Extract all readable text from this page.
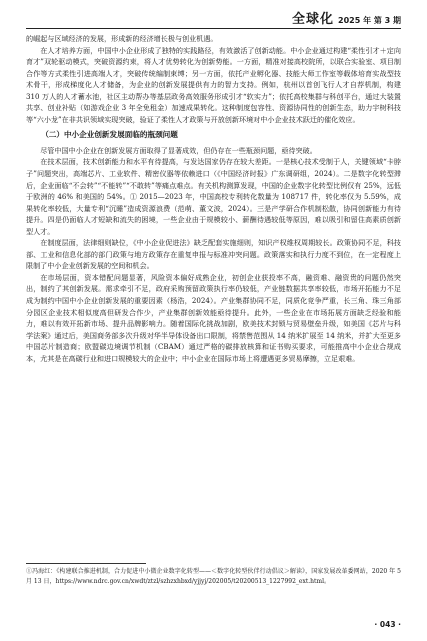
全球化 2025 年 第 3 期

的崛起与区域经济的发展，形成新的经济增长极与创业机遇。

在人才培养方面，中国中小企业形成了独特的实践路径，有效激活了创新动能。中小企业通过构建“柔性引才＋定向育才”双轮驱动模式，突破资源约束，将人才优势转化为创新势能。一方面，精准对接高校院所，以联合实验室、项目制合作等方式柔性引进高端人才，突破传统编制束缚；另一方面，依托产业孵化器、技能大师工作室等载体培育实战型技术骨干，形成梯度化人才储备，为企业的创新发展提供有力的智力支持。例如，杭州以首创飞行人才自荐机制，构建 310 万人的人才蓄水池，社区主动帮办等基层政务高效服务形成引才“软实力”；依托高校集群与科创平台，通过大装置共享、创业补贴（如游戏企业 3 年全免租金）加速成果转化。这种制度包容性、资源协同性的创新生态，助力宇树科技等“六小龙”在非共识领域实现突破，验证了柔性人才政策与开放创新环境对中小企业技术跃迁的催化效应。

（二）中小企业创新发展面临的瓶颈问题

尽管中国中小企业在创新发展方面取得了显著成效，但仍存在一些瓶颈问题，亟待突破。

在技术层面，技术创新能力和水平有待提高，与发达国家仍存在较大差距。一是核心技术受制于人，关键领域“卡脖子”问题突出，高端芯片、工业软件、精密仪器等依赖进口（《中国经济时报》广东调研组，2024）。二是数字化转型滞后，企业面临“不会转”“不能转”“不敢转”等痛点难点。有关机构测算发现，中国的企业数字化转型比例仅有 25%，远低于欧洲的 46% 和美国的 54%。① 2015—2023 年，中国高校专利转化数量为 108717 件，转化率仅为 5.59%，成果转化率较低，大量专利“沉睡”造成资源浪费（范萌、董文波，2024）。三是产学研合作机制松散，协同创新能力有待提升。四是仍面临人才短缺和流失的困境，一些企业由于规模较小、薪酬待遇较低等原因，难以吸引和留住高素质创新型人才。

在制度层面，法律细则缺位，《中小企业促进法》缺乏配套实施细则，知识产权维权周期较长。政策协同不足，科技部、工业和信息化部的部门政策与地方政策存在重复申报与标准冲突问题。政策落实和执行力度不到位，在一定程度上限制了中小企业创新发展的空间和机会。

在市场层面，资本错配问题显著，风险资本偏好成熟企业，初创企业获投率不高，融资难、融资贵的问题仍然突出，制约了其创新发展。需求牵引不足，政府采购预留政策执行率仍较低，产业链数据共享率较低，市场开拓能力不足成为制约中国中小企业创新发展的重要因素（杨浩，2024）。产业集群协同不足，同质化竞争严重，长三角、珠三角部分园区企业技术相似度高但研发合作少，产业集群创新效能亟待提升。此外，一些企业在市场拓展方面缺乏经验和能力，难以有效开拓新市场、提升品牌影响力。随着国际化挑战加剧，欧美技术封锁与贸易壁垒升级，如美国《芯片与科学法案》通过后，美国商务部多次升级对华半导体设备出口限制，将禁售范围从 14 纳米扩展至 14 纳米，并扩大至更多中国芯片制造商；欧盟碳边境调节机制（CBAM）通过严格的碳排放核算和证书购买要求，可能推高中小企业合规成本，尤其是在高碳行业和进口规模较大的企业中；中小企业在国际市场上将遭遇更多贸易摩擦，立足艰难。

①冯海红：《构建联合推进机制，合力促进中小微企业数字化转型——＜数字化转型伙伴行动倡议＞解读》，国家发展改革委网站，2020 年 5 月 13 日，https://www.ndrc.gov.cn/xwdt/ztzl/szhzxhbxd/yjjyj/202005/t20200513_1227992_ext.html。
· 043 ·
